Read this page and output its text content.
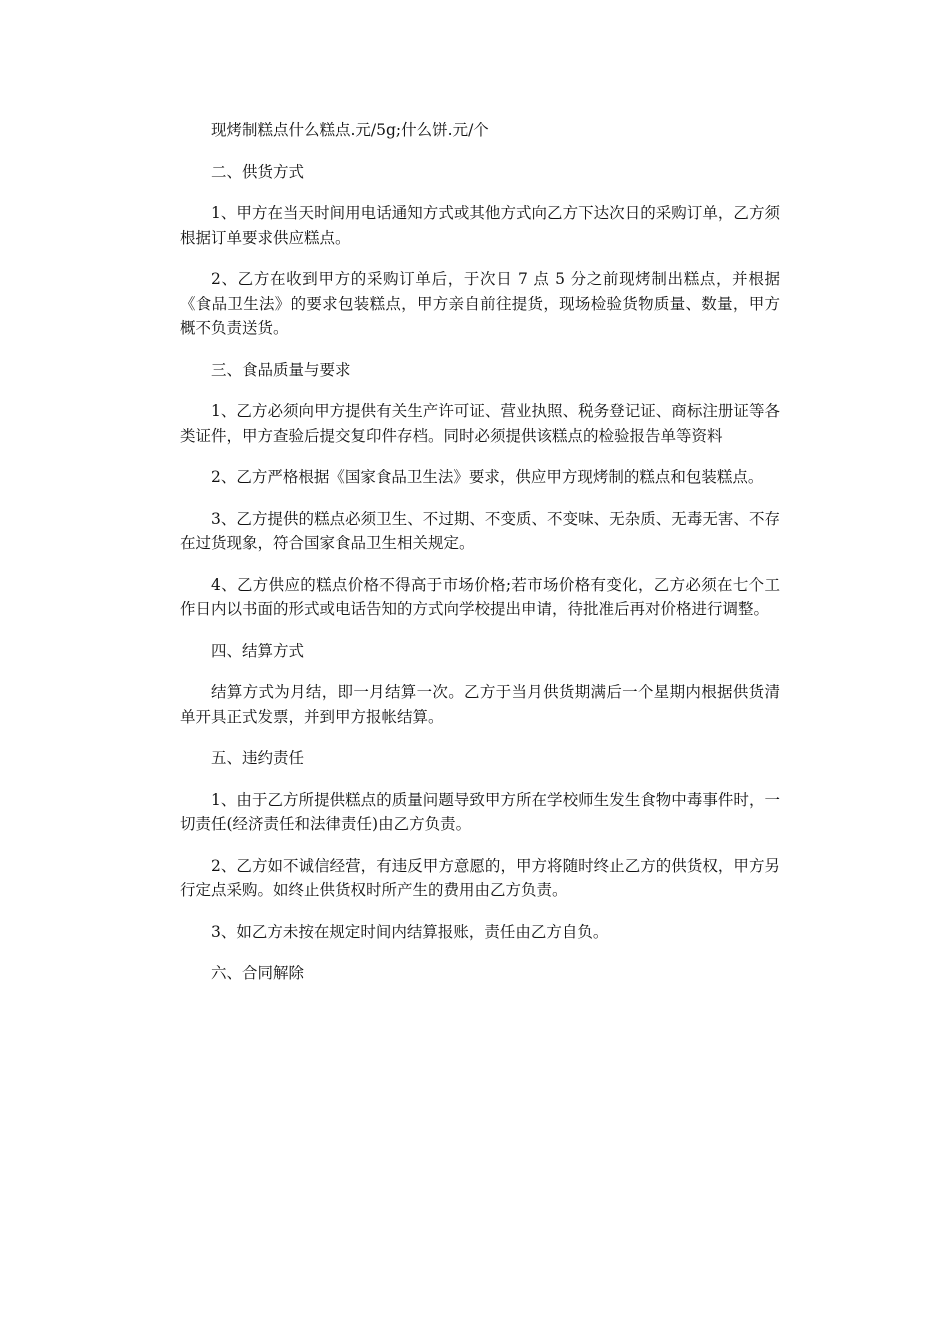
现烤制糕点什么糕点.元/5g;什么饼.元/个

二、供货方式

1、甲方在当天时间用电话通知方式或其他方式向乙方下达次日的采购订单，乙方须根据订单要求供应糕点。

2、乙方在收到甲方的采购订单后，于次日 7 点 5 分之前现烤制出糕点，并根据《食品卫生法》的要求包装糕点，甲方亲自前往提货，现场检验货物质量、数量，甲方概不负责送货。

三、食品质量与要求

1、乙方必须向甲方提供有关生产许可证、营业执照、税务登记证、商标注册证等各类证件，甲方查验后提交复印件存档。同时必须提供该糕点的检验报告单等资料

2、乙方严格根据《国家食品卫生法》要求，供应甲方现烤制的糕点和包装糕点。

3、乙方提供的糕点必须卫生、不过期、不变质、不变味、无杂质、无毒无害、不存在过货现象，符合国家食品卫生相关规定。

4、乙方供应的糕点价格不得高于市场价格;若市场价格有变化，乙方必须在七个工作日内以书面的形式或电话告知的方式向学校提出申请，待批准后再对价格进行调整。

四、结算方式

结算方式为月结，即一月结算一次。乙方于当月供货期满后一个星期内根据供货清单开具正式发票，并到甲方报帐结算。

五、违约责任

1、由于乙方所提供糕点的质量问题导致甲方所在学校师生发生食物中毒事件时，一切责任(经济责任和法律责任)由乙方负责。

2、乙方如不诚信经营，有违反甲方意愿的，甲方将随时终止乙方的供货权，甲方另行定点采购。如终止供货权时所产生的费用由乙方负责。

3、如乙方未按在规定时间内结算报账，责任由乙方自负。

六、合同解除
